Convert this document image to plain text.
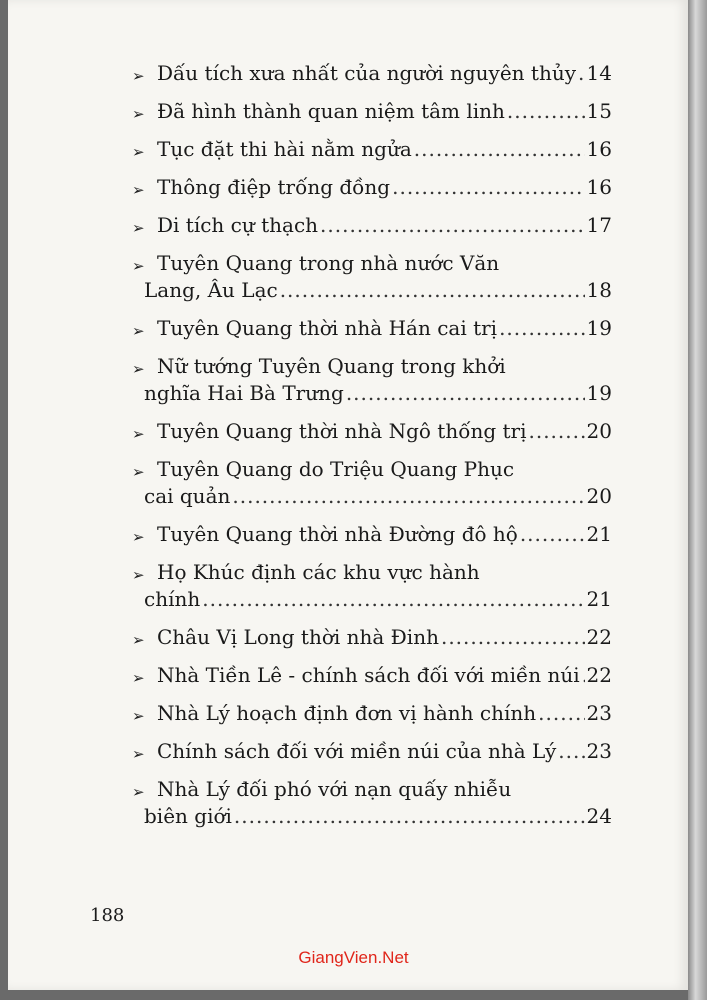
➢ Dấu tích xưa nhất của người nguyên thủy ..... 14
➢ Đã hình thành quan niệm tâm linh .....	15
➢ Tục đặt thi hài nằm ngửa .....	16
➢ Thông điệp trống đồng .....	16
➢ Di tích cự thạch .....	17
➢ Tuyên Quang trong nhà nước Văn
Lang, Âu Lạc .....	18
➢ Tuyên Quang thời nhà Hán cai trị .....	19
➢ Nữ tướng Tuyên Quang trong khởi
nghĩa Hai Bà Trưng .....	19
➢ Tuyên Quang thời nhà Ngô thống trị .....	20
➢ Tuyên Quang do Triệu Quang Phục
cai quản .....	20
➢ Tuyên Quang thời nhà Đường đô hộ .....	21
➢ Họ Khúc định các khu vực hành
chính .....	21
➢ Châu Vị Long thời nhà Đinh .....	22
➢ Nhà Tiền Lê - chính sách đối với miền núi ..... 22
➢ Nhà Lý hoạch định đơn vị hành chính .....	23
➢ Chính sách đối với miền núi của nhà Lý ..... 23
➢ Nhà Lý đối phó với nạn quấy nhiễu
biên giới .....	24
188
GiangVien.Net
